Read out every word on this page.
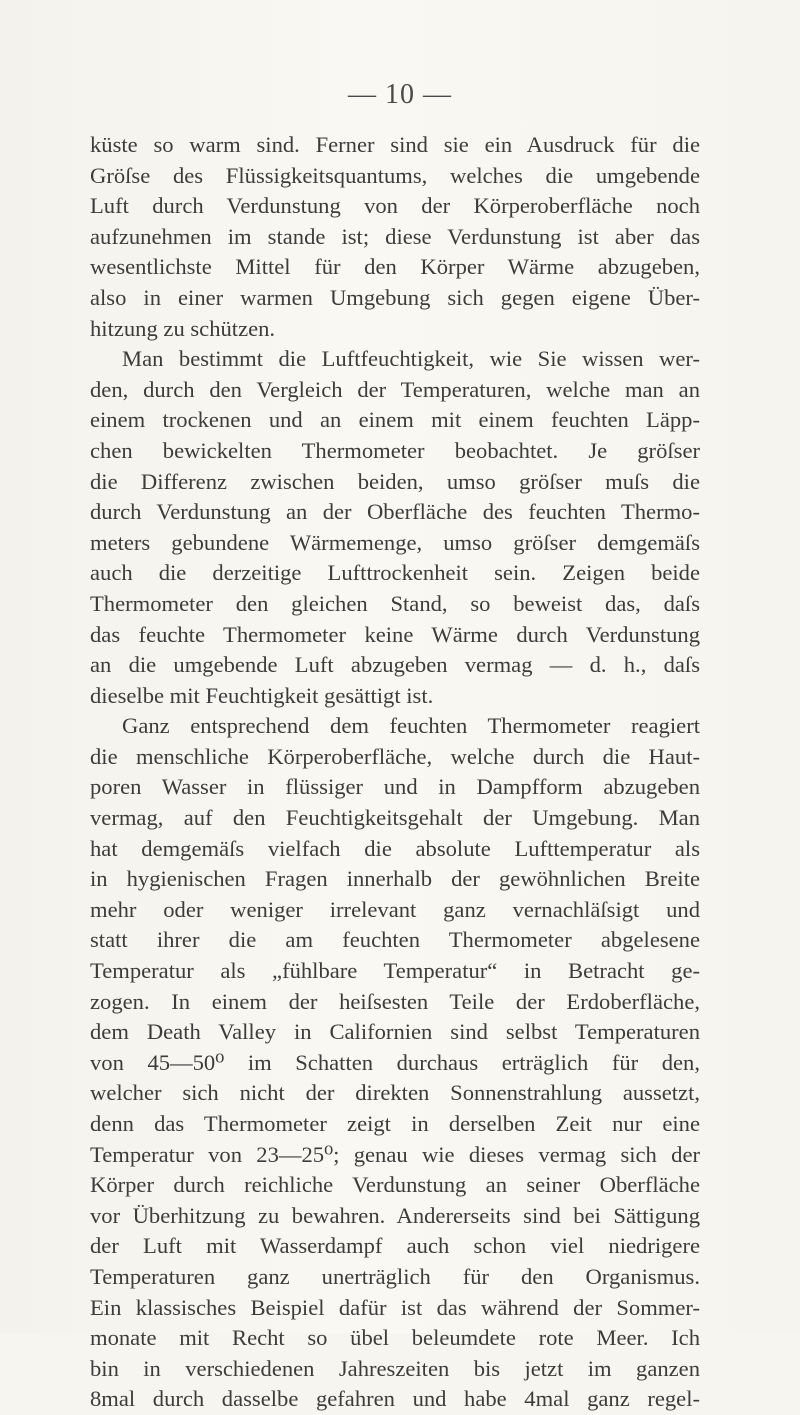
— 10 —
küste so warm sind. Ferner sind sie ein Ausdruck für die
Gröſse des Flüssigkeitsquantums, welches die umgebende
Luft durch Verdunstung von der Körperoberfläche noch
aufzunehmen im stande ist; diese Verdunstung ist aber das
wesentlichste Mittel für den Körper Wärme abzugeben,
also in einer warmen Umgebung sich gegen eigene Über-
hitzung zu schützen.
Man bestimmt die Luftfeuchtigkeit, wie Sie wissen wer-
den, durch den Vergleich der Temperaturen, welche man an
einem trockenen und an einem mit einem feuchten Läpp-
chen bewickelten Thermometer beobachtet. Je gröſser
die Differenz zwischen beiden, umso gröſser muſs die
durch Verdunstung an der Oberfläche des feuchten Thermo-
meters gebundene Wärmemenge, umso gröſser demgemäſs
auch die derzeitige Lufttrockenheit sein. Zeigen beide
Thermometer den gleichen Stand, so beweist das, daſs
das feuchte Thermometer keine Wärme durch Verdunstung
an die umgebende Luft abzugeben vermag — d. h., daſs
dieselbe mit Feuchtigkeit gesättigt ist.
Ganz entsprechend dem feuchten Thermometer reagiert
die menschliche Körperoberfläche, welche durch die Haut-
poren Wasser in flüssiger und in Dampfform abzugeben
vermag, auf den Feuchtigkeitsgehalt der Umgebung. Man
hat demgemäſs vielfach die absolute Lufttemperatur als
in hygienischen Fragen innerhalb der gewöhnlichen Breite
mehr oder weniger irrelevant ganz vernachläſsigt und
statt ihrer die am feuchten Thermometer abgelesene
Temperatur als „fühlbare Temperatur“ in Betracht ge-
zogen. In einem der heiſsesten Teile der Erdoberfläche,
dem Death Valley in Californien sind selbst Temperaturen
von 45—50⁰ im Schatten durchaus erträglich für den,
welcher sich nicht der direkten Sonnenstrahlung aussetzt,
denn das Thermometer zeigt in derselben Zeit nur eine
Temperatur von 23—25⁰; genau wie dieses vermag sich der
Körper durch reichliche Verdunstung an seiner Oberfläche
vor Überhitzung zu bewahren. Andererseits sind bei Sättigung
der Luft mit Wasserdampf auch schon viel niedrigere
Temperaturen ganz unerträglich für den Organismus.
Ein klassisches Beispiel dafür ist das während der Sommer-
monate mit Recht so übel beleumdete rote Meer. Ich
bin in verschiedenen Jahreszeiten bis jetzt im ganzen
8mal durch dasselbe gefahren und habe 4mal ganz regel-
